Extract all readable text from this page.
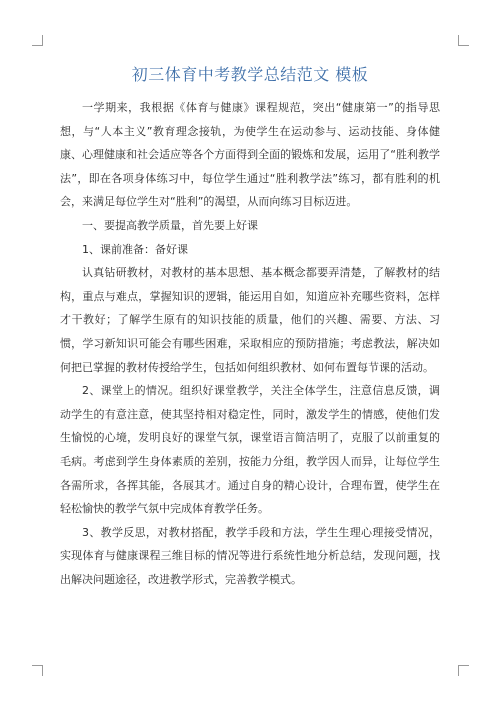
初三体育中考教学总结范文 模板

一学期来，我根据《体育与健康》课程规范，突出“健康第一”的指导思想，与“人本主义”教育理念接轨，为使学生在运动参与、运动技能、身体健康、心理健康和社会适应等各个方面得到全面的锻炼和发展，运用了“胜利教学法”，即在各项身体练习中，每位学生通过“胜利教学法”练习，都有胜利的机会，来满足每位学生对“胜利”的渴望，从而向练习目标迈进。

一、要提高教学质量，首先要上好课

1、课前准备：备好课

认真钻研教材，对教材的基本思想、基本概念都要弄清楚，了解教材的结构，重点与难点，掌握知识的逻辑，能运用自如，知道应补充哪些资料，怎样才干教好；了解学生原有的知识技能的质量，他们的兴趣、需要、方法、习惯，学习新知识可能会有哪些困难，采取相应的预防措施；考虑教法，解决如何把已掌握的教材传授给学生，包括如何组织教材、如何布置每节课的活动。

2、课堂上的情况。组织好课堂教学，关注全体学生，注意信息反馈，调动学生的有意注意，使其坚持相对稳定性，同时，激发学生的情感，使他们发生愉悦的心境，发明良好的课堂气氛，课堂语言简洁明了，克服了以前重复的毛病。考虑到学生身体素质的差别，按能力分组，教学因人而异，让每位学生各需所求，各挥其能，各展其才。通过自身的精心设计，合理布置，使学生在轻松愉快的教学气氛中完成体育教学任务。

3、教学反思，对教材搭配，教学手段和方法，学生生理心理接受情况，实现体育与健康课程三维目标的情况等进行系统性地分析总结，发现问题，找出解决问题途径，改进教学形式，完善教学模式。
